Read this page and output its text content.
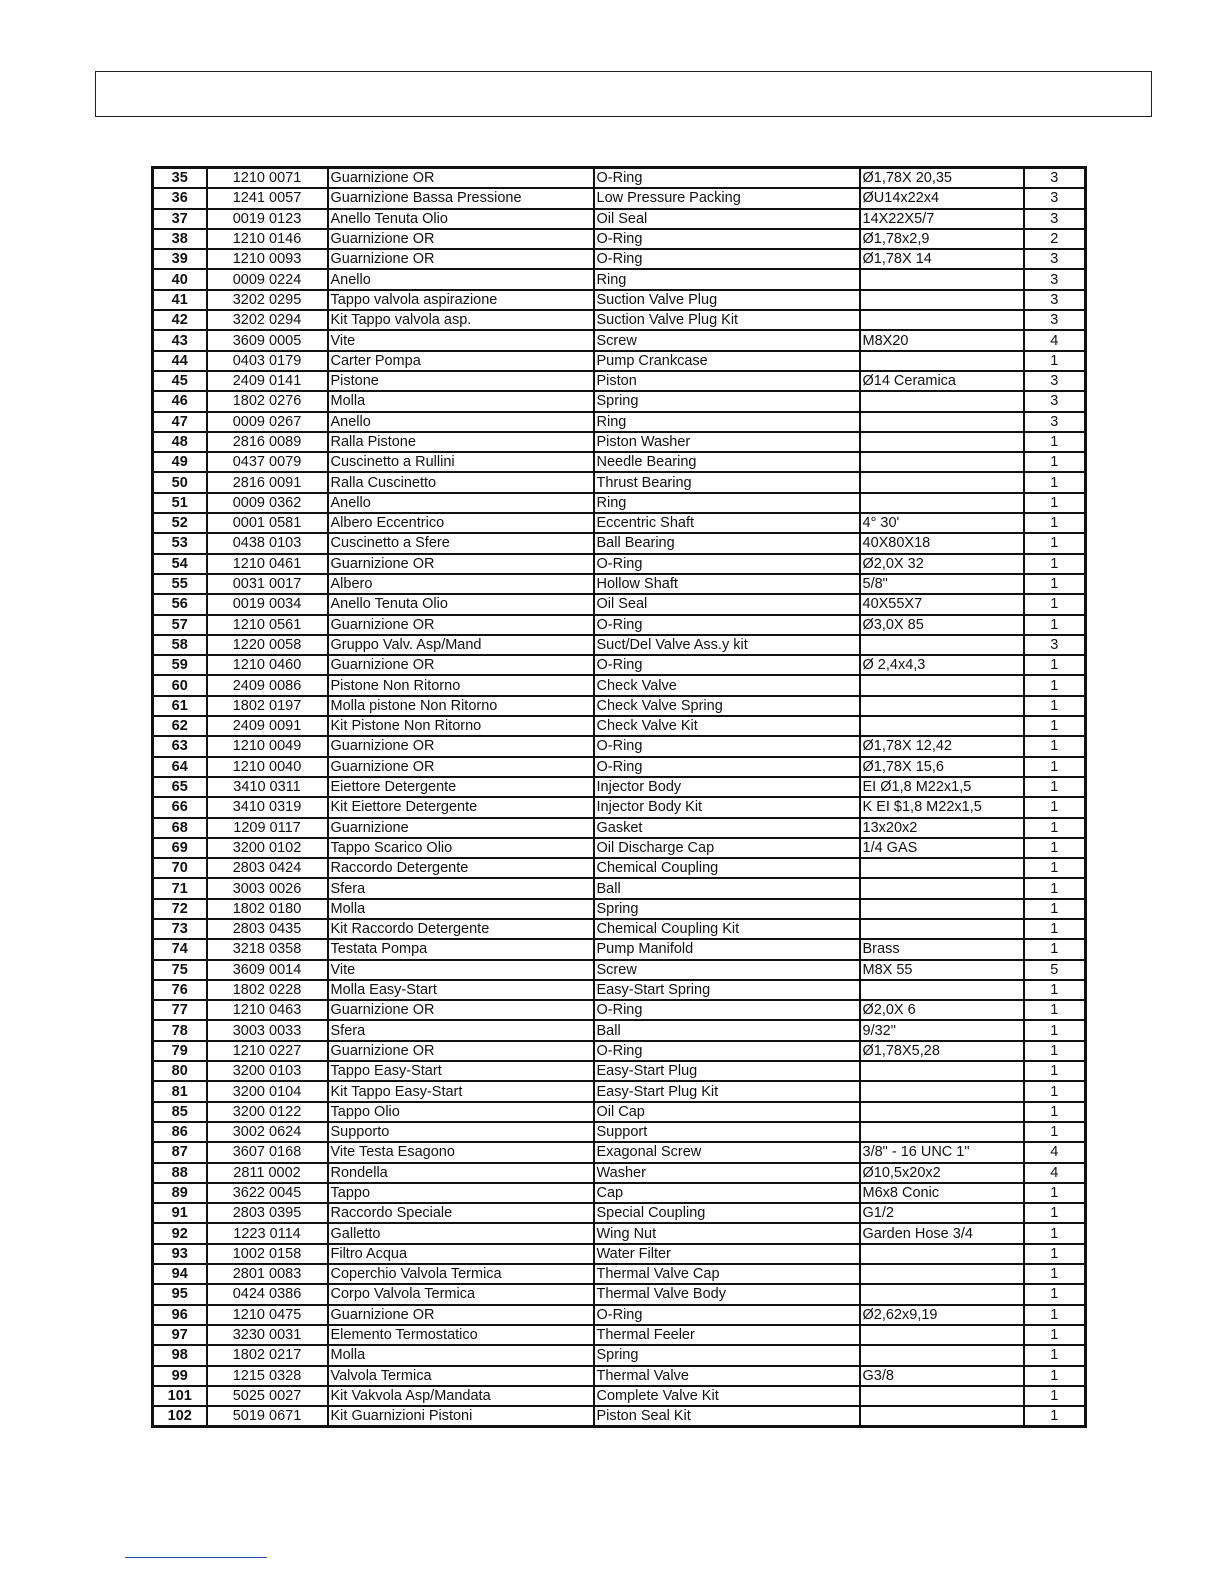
35	1210 0071	Guarnizione OR	O-Ring	Ø1,78X 20,35	3
36	1241 0057	Guarnizione Bassa Pressione	Low Pressure Packing	ØU14x22x4	3
37	0019 0123	Anello Tenuta Olio	Oil Seal	14X22X5/7	3
38	1210 0146	Guarnizione OR	O-Ring	Ø1,78x2,9	2
39	1210 0093	Guarnizione OR	O-Ring	Ø1,78X 14	3
40	0009 0224	Anello	Ring		3
41	3202 0295	Tappo valvola aspirazione	Suction Valve Plug		3
42	3202 0294	Kit Tappo valvola asp.	Suction Valve Plug Kit		3
43	3609 0005	Vite	Screw	M8X20	4
44	0403 0179	Carter Pompa	Pump Crankcase		1
45	2409 0141	Pistone	Piston	Ø14 Ceramica	3
46	1802 0276	Molla	Spring		3
47	0009 0267	Anello	Ring		3
48	2816 0089	Ralla Pistone	Piston Washer		1
49	0437 0079	Cuscinetto a Rullini	Needle Bearing		1
50	2816 0091	Ralla Cuscinetto	Thrust Bearing		1
51	0009 0362	Anello	Ring		1
52	0001 0581	Albero Eccentrico	Eccentric Shaft	4° 30'	1
53	0438 0103	Cuscinetto a Sfere	Ball Bearing	40X80X18	1
54	1210 0461	Guarnizione OR	O-Ring	Ø2,0X 32	1
55	0031 0017	Albero	Hollow Shaft	5/8"	1
56	0019 0034	Anello Tenuta Olio	Oil Seal	40X55X7	1
57	1210 0561	Guarnizione OR	O-Ring	Ø3,0X 85	1
58	1220 0058	Gruppo Valv. Asp/Mand	Suct/Del Valve Ass.y kit		3
59	1210 0460	Guarnizione OR	O-Ring	Ø 2,4x4,3	1
60	2409 0086	Pistone Non Ritorno	Check Valve		1
61	1802 0197	Molla pistone Non Ritorno	Check Valve Spring		1
62	2409 0091	Kit Pistone Non Ritorno	Check Valve Kit		1
63	1210 0049	Guarnizione OR	O-Ring	Ø1,78X 12,42	1
64	1210 0040	Guarnizione OR	O-Ring	Ø1,78X 15,6	1
65	3410 0311	Eiettore Detergente	Injector Body	EI Ø1,8 M22x1,5	1
66	3410 0319	Kit Eiettore Detergente	Injector Body Kit	K EI $1,8 M22x1,5	1
68	1209 0117	Guarnizione	Gasket	13x20x2	1
69	3200 0102	Tappo Scarico Olio	Oil Discharge Cap	1/4 GAS	1
70	2803 0424	Raccordo Detergente	Chemical Coupling		1
71	3003 0026	Sfera	Ball		1
72	1802 0180	Molla	Spring		1
73	2803 0435	Kit Raccordo Detergente	Chemical Coupling Kit		1
74	3218 0358	Testata Pompa	Pump Manifold	Brass	1
75	3609 0014	Vite	Screw	M8X 55	5
76	1802 0228	Molla Easy-Start	Easy-Start Spring		1
77	1210 0463	Guarnizione OR	O-Ring	Ø2,0X 6	1
78	3003 0033	Sfera	Ball	9/32"	1
79	1210 0227	Guarnizione OR	O-Ring	Ø1,78X5,28	1
80	3200 0103	Tappo Easy-Start	Easy-Start Plug		1
81	3200 0104	Kit Tappo Easy-Start	Easy-Start Plug Kit		1
85	3200 0122	Tappo Olio	Oil Cap		1
86	3002 0624	Supporto	Support		1
87	3607 0168	Vite Testa Esagono	Exagonal Screw	3/8" - 16 UNC 1"	4
88	2811 0002	Rondella	Washer	Ø10,5x20x2	4
89	3622 0045	Tappo	Cap	M6x8 Conic	1
91	2803 0395	Raccordo Speciale	Special Coupling	G1/2	1
92	1223 0114	Galletto	Wing Nut	Garden Hose 3/4	1
93	1002 0158	Filtro Acqua	Water Filter		1
94	2801 0083	Coperchio Valvola Termica	Thermal Valve Cap		1
95	0424 0386	Corpo Valvola Termica	Thermal Valve Body		1
96	1210 0475	Guarnizione OR	O-Ring	Ø2,62x9,19	1
97	3230 0031	Elemento Termostatico	Thermal Feeler		1
98	1802 0217	Molla	Spring		1
99	1215 0328	Valvola Termica	Thermal Valve	G3/8	1
101	5025 0027	Kit Vakvola Asp/Mandata	Complete Valve Kit		1
102	5019 0671	Kit Guarnizioni Pistoni	Piston Seal Kit		1
